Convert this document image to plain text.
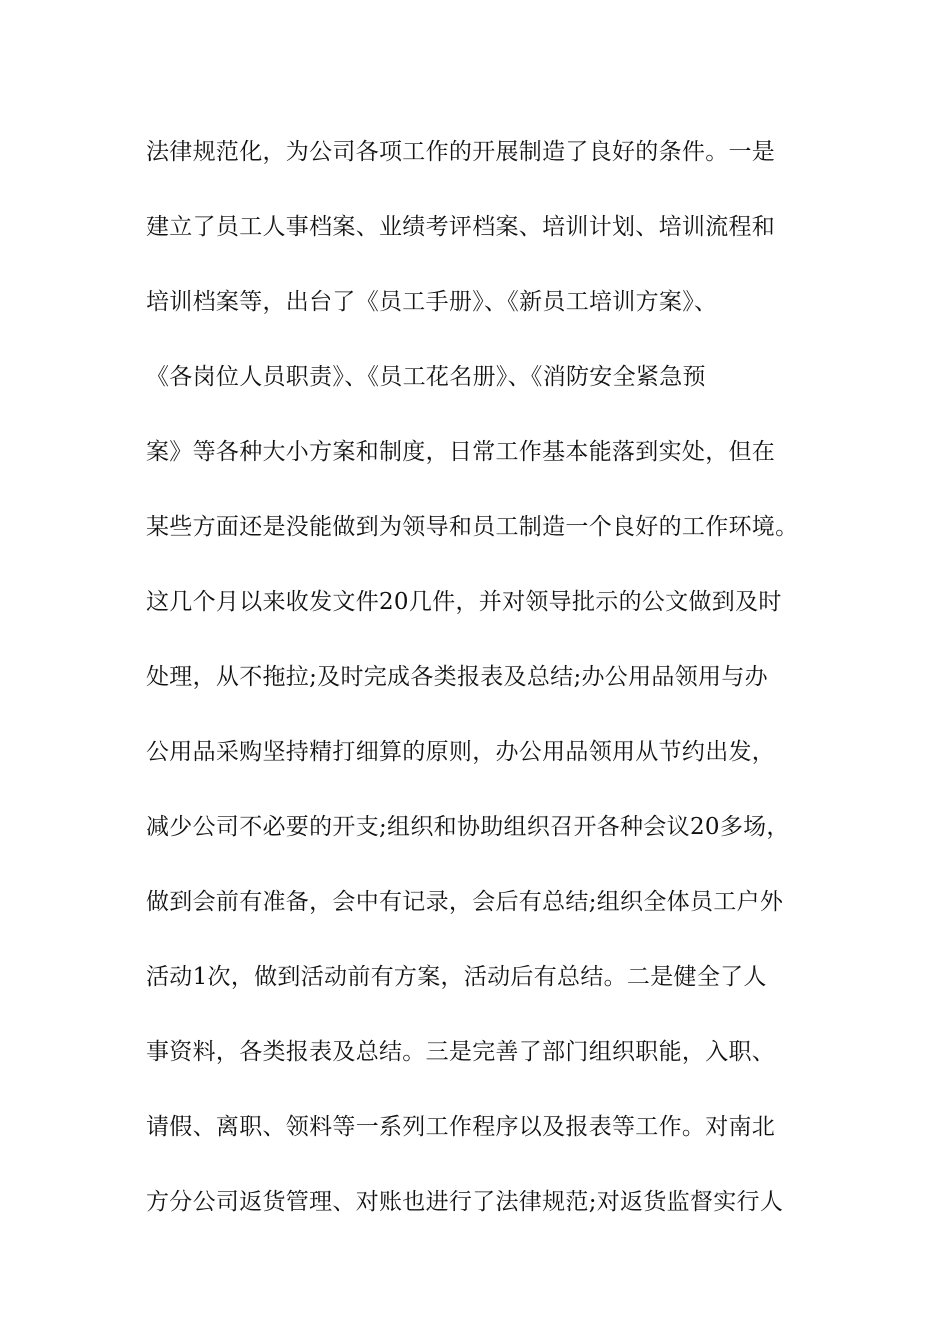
法律规范化，为公司各项工作的开展制造了良好的条件。一是
建立了员工人事档案、业绩考评档案、培训计划、培训流程和
培训档案等，出台了《员工手册》、《新员工培训方案》、
《各岗位人员职责》、《员工花名册》、《消防安全紧急预
案》等各种大小方案和制度，日常工作基本能落到实处，但在
某些方面还是没能做到为领导和员工制造一个良好的工作环境。
这几个月以来收发文件20几件，并对领导批示的公文做到及时
处理，从不拖拉;及时完成各类报表及总结;办公用品领用与办
公用品采购坚持精打细算的原则，办公用品领用从节约出发，
减少公司不必要的开支;组织和协助组织召开各种会议20多场，
做到会前有准备，会中有记录，会后有总结;组织全体员工户外
活动1次，做到活动前有方案，活动后有总结。二是健全了人
事资料，各类报表及总结。三是完善了部门组织职能，入职、
请假、离职、领料等一系列工作程序以及报表等工作。对南北
方分公司返货管理、对账也进行了法律规范;对返货监督实行人
